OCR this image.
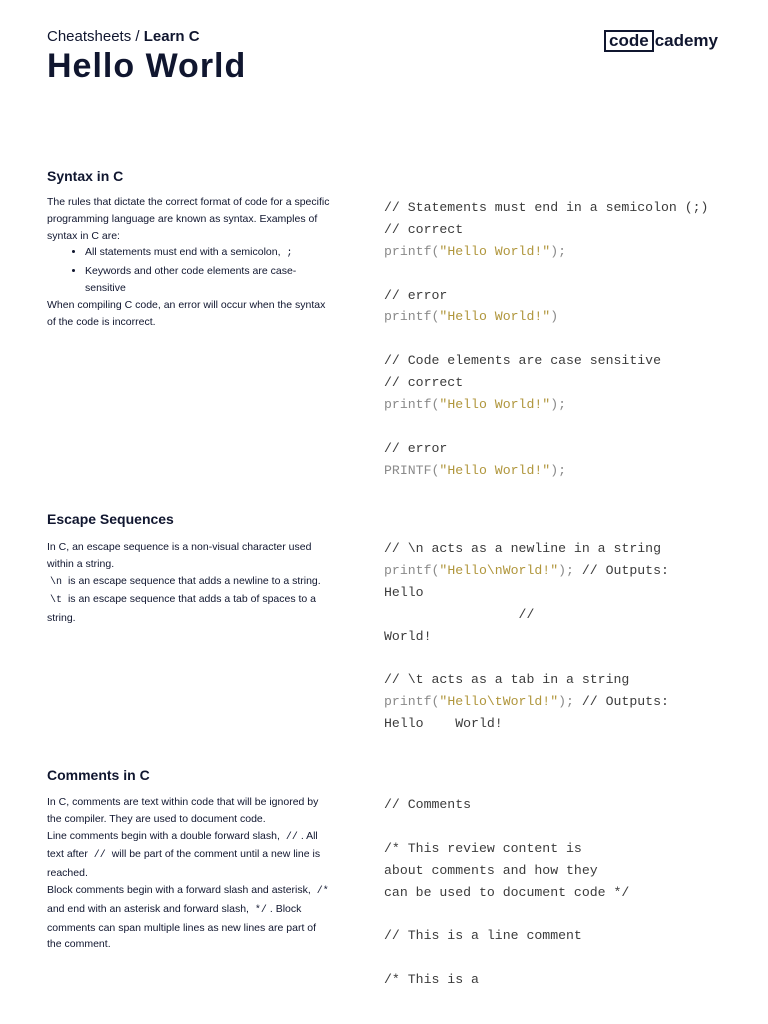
Cheatsheets / Learn C
Hello World
code cademy
Syntax in C

The rules that dictate the correct format of code for a specific programming language are known as syntax. Examples of syntax in C are:

• All statements must end with a semicolon, ;
• Keywords and other code elements are case-sensitive

When compiling C code, an error will occur when the syntax of the code is incorrect.

// Statements must end in a semicolon (;)
// correct
printf("Hello World!");
// error
printf("Hello World!")
// Code elements are case sensitive
// correct
printf("Hello World!");
// error
PRINTF("Hello World!");
Escape Sequences

In C, an escape sequence is a non-visual character used within a string.

\n is an escape sequence that adds a newline to a string. \t is an escape sequence that adds a tab of spaces to a string.

// \n acts as a newline in a string
printf("Hello\nWorld!"); // Outputs:
Hello
//
World!
// \t acts as a tab in a string
printf("Hello\tWorld!"); // Outputs:
Hello    World!
Comments in C

In C, comments are text within code that will be ignored by the compiler. They are used to document code.

Line comments begin with a double forward slash, // . All text after // will be part of the comment until a new line is reached.

Block comments begin with a forward slash and asterisk, /* and end with an asterisk and forward slash, */ . Block comments can span multiple lines as new lines are part of the comment.

// Comments
/* This review content is
about comments and how they
can be used to document code */
// This is a line comment
/* This is a
